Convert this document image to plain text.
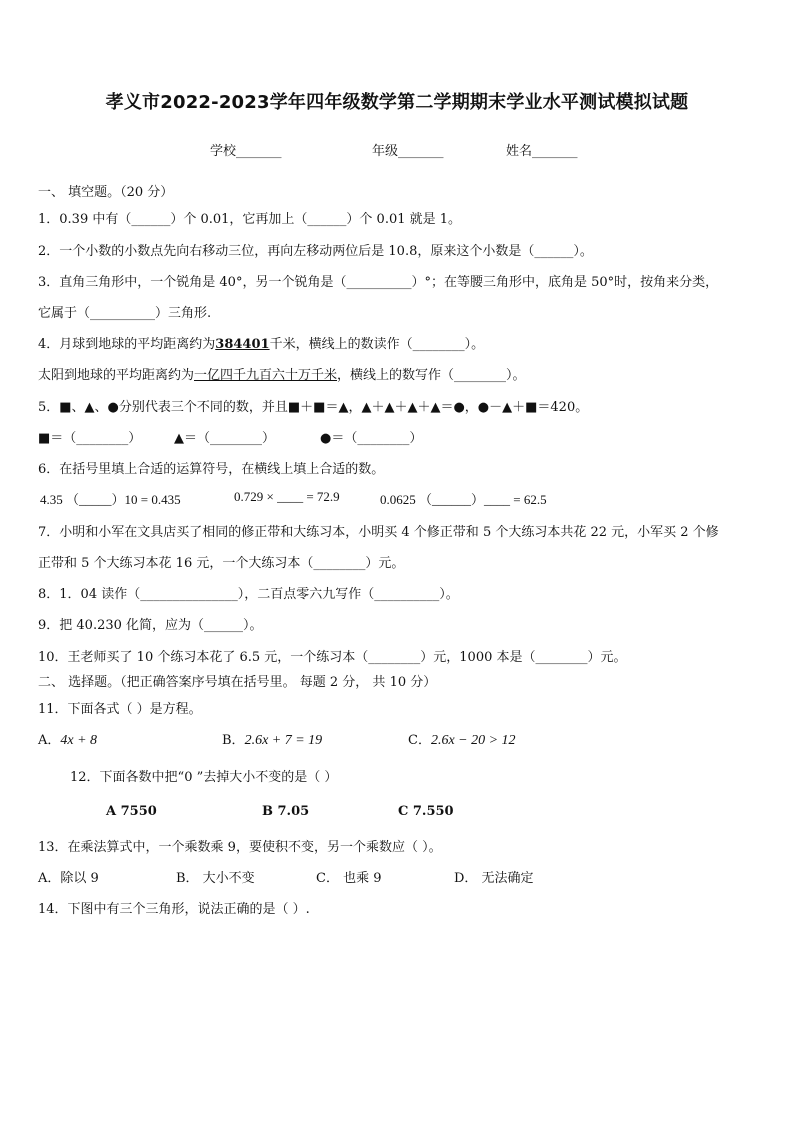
孝义市2022-2023学年四年级数学第二学期期末学业水平测试模拟试题
学校_______	年级_______	姓名_______
一、 填空题。（20 分）
1．0.39 中有（______）个 0.01，它再加上（______）个 0.01 就是 1。
2．一个小数的小数点先向右移动三位，再向左移动两位后是 10.8，原来这个小数是（______）。
3．直角三角形中，一个锐角是 40°，另一个锐角是（__________）°；在等腰三角形中，底角是 50°时，按角来分类，
它属于（__________）三角形.
4．月球到地球的平均距离约为384401千米，横线上的数读作（________）。
太阳到地球的平均距离约为一亿四千九百六十万千米，横线上的数写作（________）。
5．■、▲、●分别代表三个不同的数，并且■＋■＝▲，▲＋▲＋▲＋▲＝●，●－▲＋■＝420。
■＝（________）	▲＝（________）	●＝（________）
6．在括号里填上合适的运算符号，在横线上填上合适的数。
4.35 （_____）10 = 0.435	0.729 × ____ = 72.9	0.0625 （______）____ = 62.5
7．小明和小军在文具店买了相同的修正带和大练习本，小明买 4 个修正带和 5 个大练习本共花 22 元，小军买 2 个修
正带和 5 个大练习本花 16 元，一个大练习本（________）元。
8．1．04 读作（_______________），二百点零六九写作（__________）。
9．把 40.230 化简，应为（______）。
10．王老师买了 10 个练习本花了 6.5 元，一个练习本（________）元，1000 本是（________）元。
二、 选择题。（把正确答案序号填在括号里。 每题 2 分， 共 10 分）
11．下面各式（ ）是方程。
A．4x + 8	B．2.6x + 7 = 19	C．2.6x − 20 > 12
12．下面各数中把“0 ”去掉大小不变的是（ ）
A 7550	B 7.05	C 7.550
13．在乘法算式中，一个乘数乘 9，要使积不变，另一个乘数应（ ）。
A．除以 9	B． 大小不变	C． 也乘 9	D． 无法确定
14．下图中有三个三角形，说法正确的是（ ）.
